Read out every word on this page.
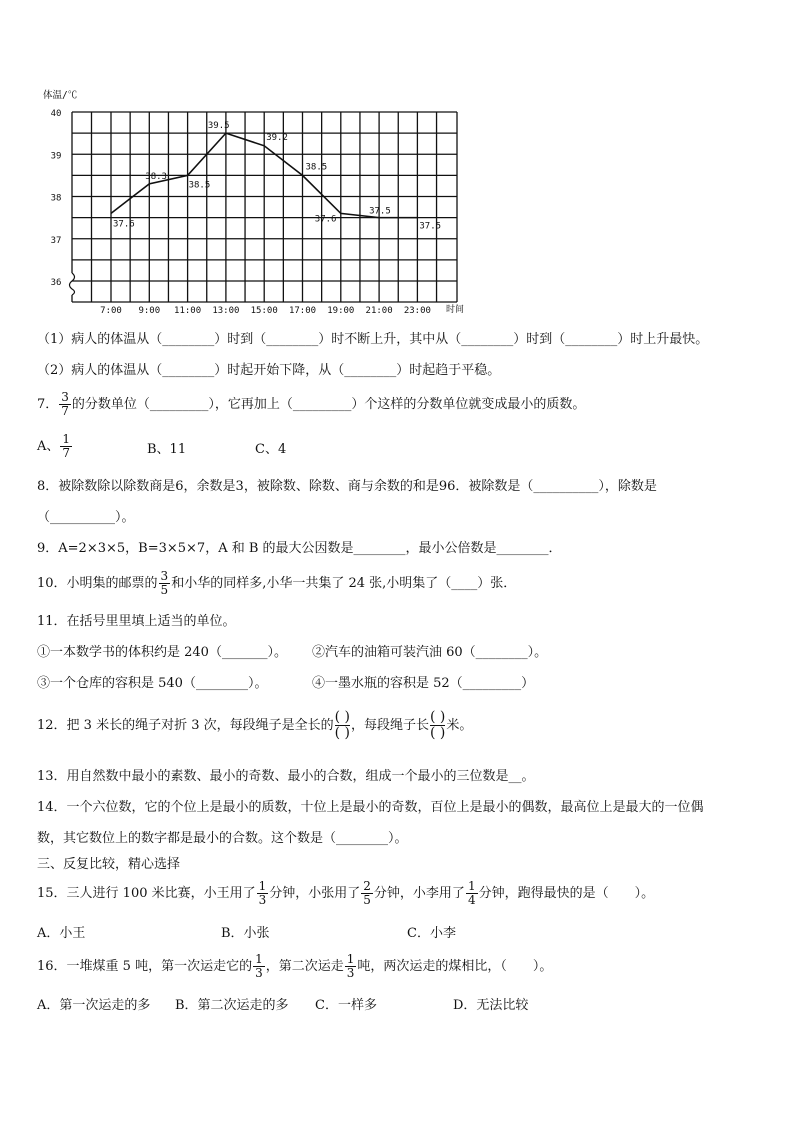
7:00 9:00 11:00 13:00 15:00 17:00 19:00 21:00 23:00
40
39
38
37
36
37.6
38.3
38.5
39.5
39.2
38.5
37.6
37.5
37.5
体温/℃
时间
（1）病人的体温从（________）时到（________）时不断上升，其中从（________）时到（________）时上升最快。
（2）病人的体温从（________）时起开始下降，从（________）时起趋于平稳。
7． $\frac{3}{7}$ 的分数单位（_________），它再加上（_________）个这样的分数单位就变成最小的质数。
A、 $\frac{1}{7}$	B、11	C、4
8．被除数除以除数商是6，余数是3，被除数、除数、商与余数的和是96．被除数是（__________），除数是
（__________）。
9．A=2×3×5，B=3×5×7，A 和 B 的最大公因数是________，最小公倍数是________．
10．小明集的邮票的 $\frac{3}{5}$ 和小华的同样多,小华一共集了 24 张,小明集了（____）张．
11．在括号里里填上适当的单位。
①一本数学书的体积约是 240（_______）。 ②汽车的油箱可装汽油 60（________）。
③一个仓库的容积是 540（________）。	④一墨水瓶的容积是 52（_________）
12．把 3 米长的绳子对折 3 次，每段绳子是全长的
( )
( ) ，每段绳子长
( )
( ) 米。
13．用自然数中最小的素数、最小的奇数、最小的合数，组成一个最小的三位数是__。
14．一个六位数，它的个位上是最小的质数，十位上是最小的奇数，百位上是最小的偶数，最高位上是最大的一位偶
数，其它数位上的数字都是最小的合数。这个数是（________）。
三、反复比较，精心选择
15．三人进行 100 米比赛，小王用了 $\frac{1}{3}$ 分钟，小张用了 $\frac{2}{5}$ 分钟，小李用了 $\frac{1}{4}$ 分钟，跑得最快的是（　　）。
A．小王	B．小张	C．小李
16．一堆煤重 5 吨，第一次运走它的 $\frac{1}{3}$ ，第二次运走 $\frac{1}{3}$ 吨，两次运走的煤相比，（　　）。
A．第一次运走的多 B．第二次运走的多 C．一样多	D．无法比较
